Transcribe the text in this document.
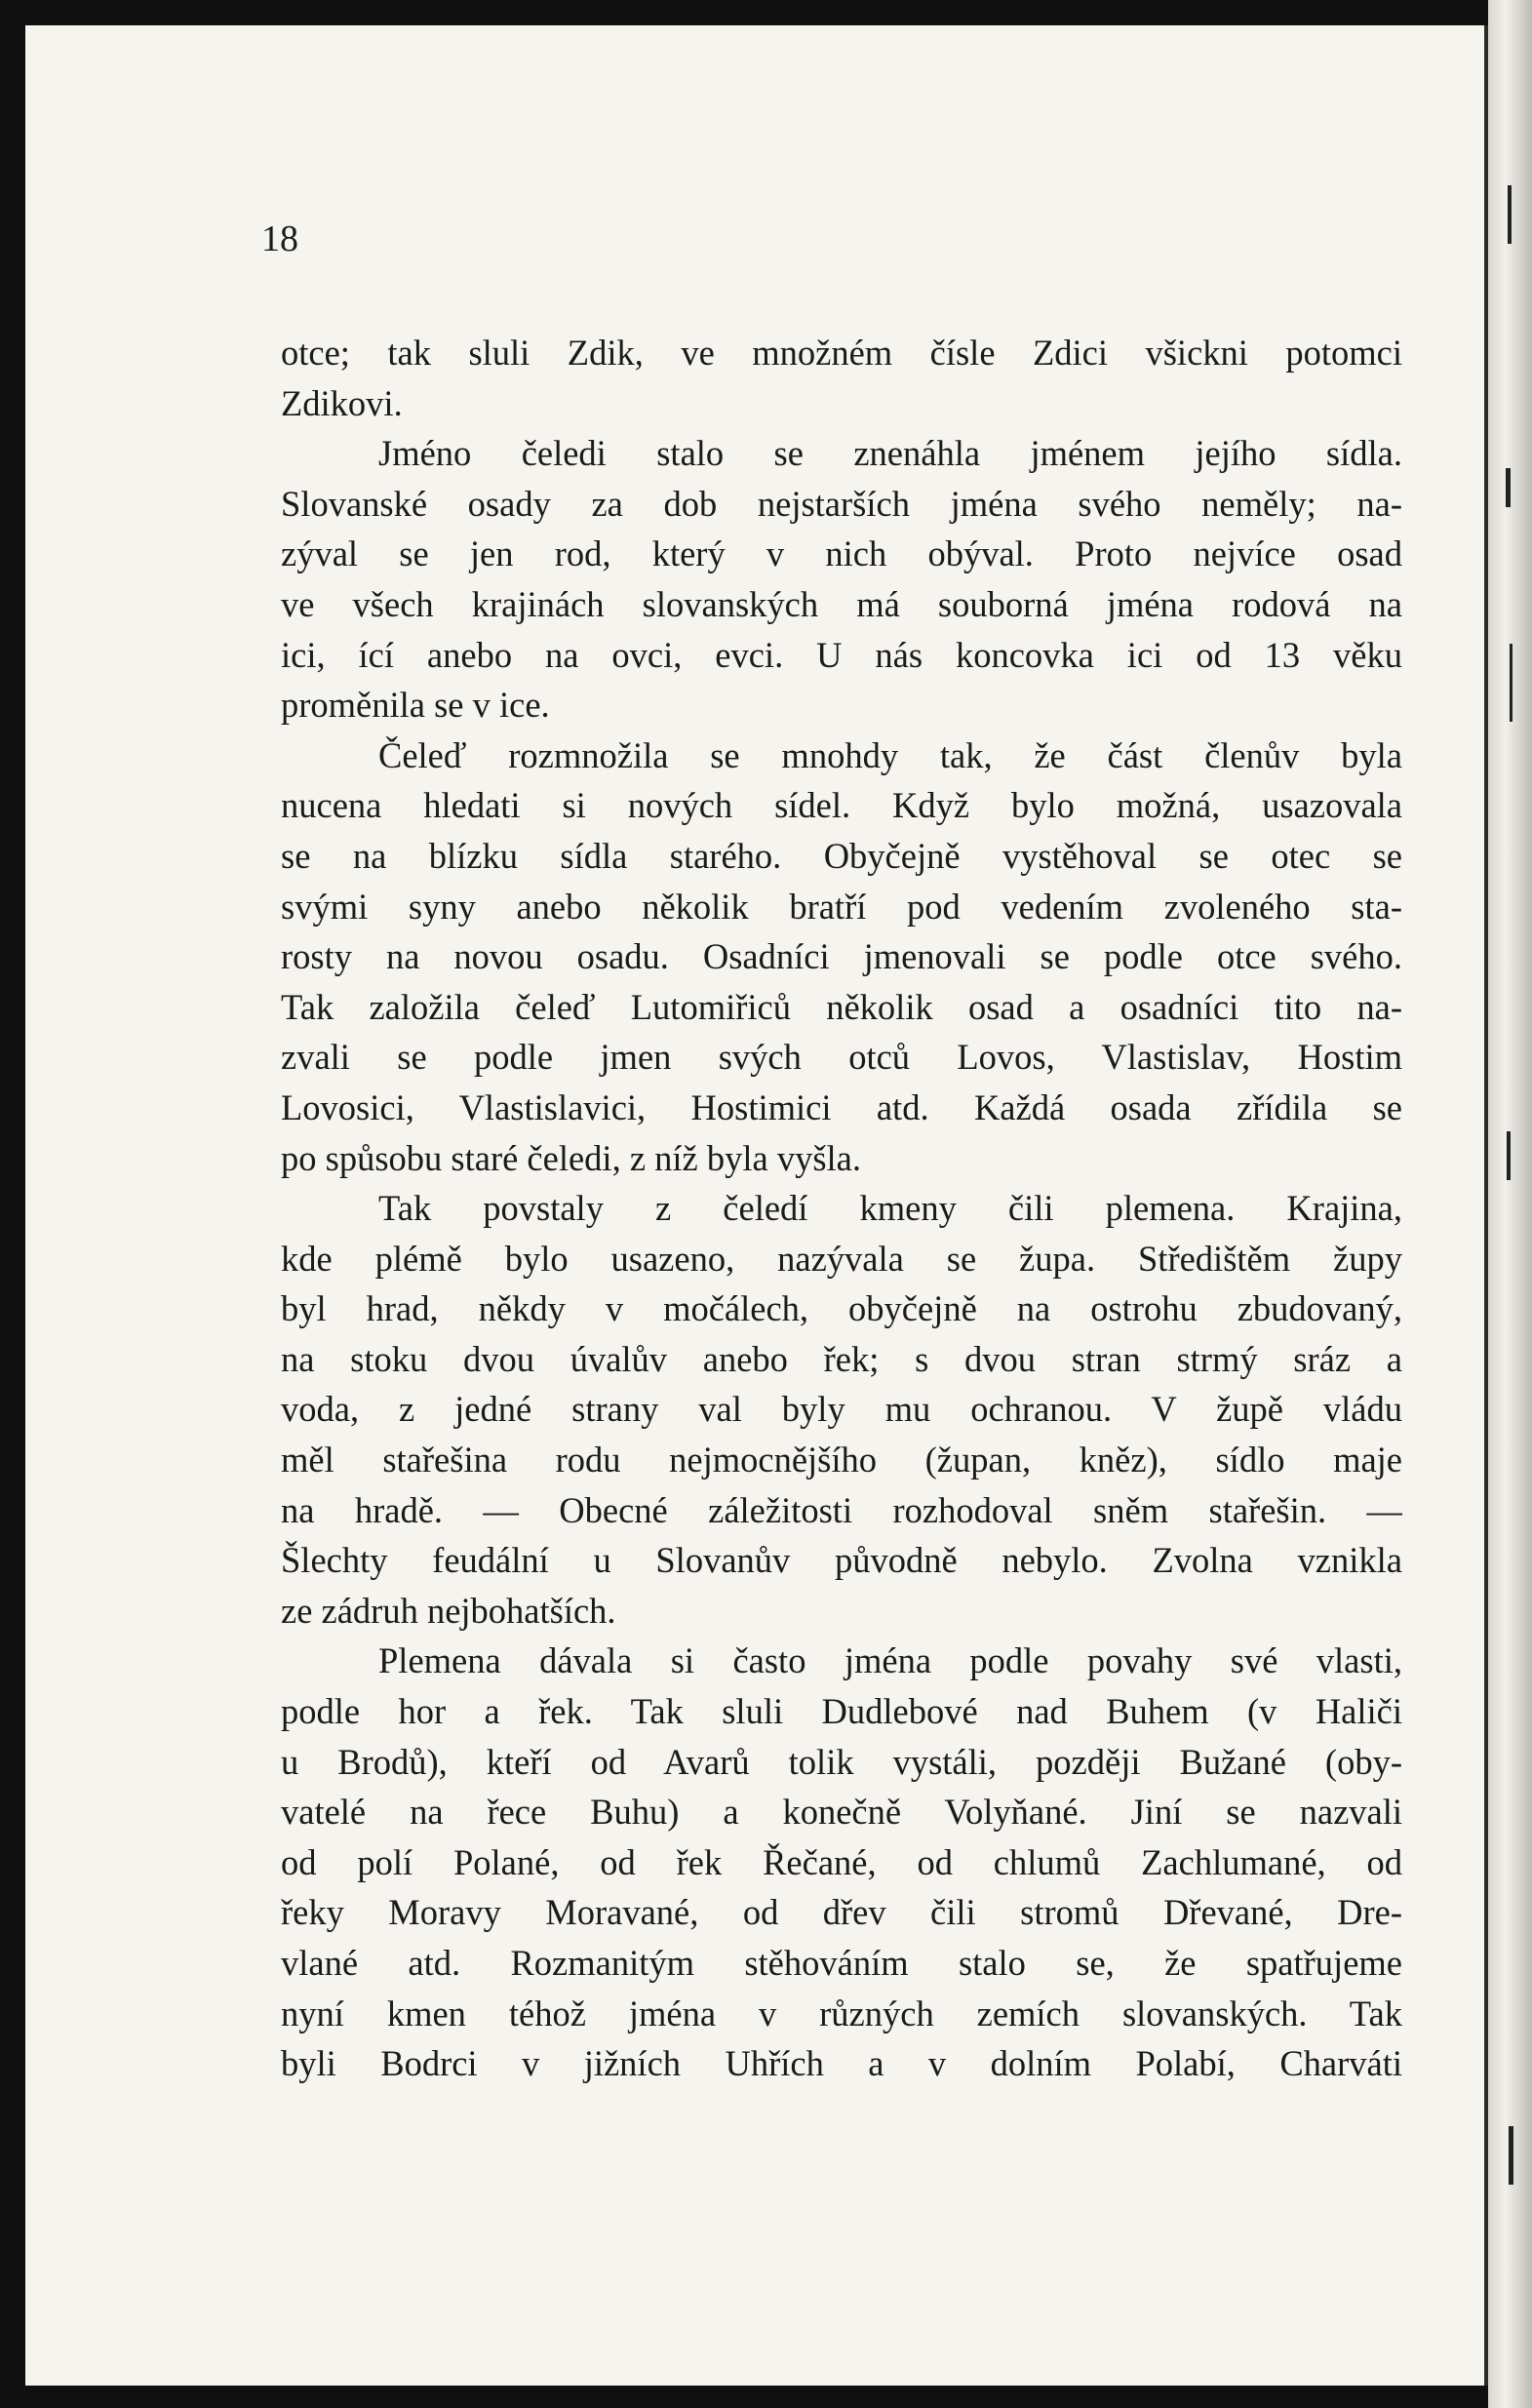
18
otce; tak sluli Zdik, ve množném čísle Zdici všickni potomci
Zdikovi.
Jméno čeledi stalo se znenáhla jménem jejího sídla.
Slovanské osady za dob nejstarších jména svého neměly; na-
zýval se jen rod, který v nich obýval. Proto nejvíce osad
ve všech krajinách slovanských má souborná jména rodová na
ici, ící anebo na ovci, evci. U nás koncovka ici od 13 věku
proměnila se v ice.
Čeleď rozmnožila se mnohdy tak, že část členův byla
nucena hledati si nových sídel. Když bylo možná, usazovala
se na blízku sídla starého. Obyčejně vystěhoval se otec se
svými syny anebo několik bratří pod vedením zvoleného sta-
rosty na novou osadu. Osadníci jmenovali se podle otce svého.
Tak založila čeleď Lutomiřiců několik osad a osadníci tito na-
zvali se podle jmen svých otců Lovos, Vlastislav, Hostim
Lovosici, Vlastislavici, Hostimici atd. Každá osada zřídila se
po spůsobu staré čeledi, z níž byla vyšla.
Tak povstaly z čeledí kmeny čili plemena. Krajina,
kde plémě bylo usazeno, nazývala se župa. Středištěm župy
byl hrad, někdy v močálech, obyčejně na ostrohu zbudovaný,
na stoku dvou úvalův anebo řek; s dvou stran strmý sráz a
voda, z jedné strany val byly mu ochranou. V župě vládu
měl stařešina rodu nejmocnějšího (župan, kněz), sídlo maje
na hradě. — Obecné záležitosti rozhodoval sněm stařešin. —
Šlechty feudální u Slovanův původně nebylo. Zvolna vznikla
ze zádruh nejbohatších.
Plemena dávala si často jména podle povahy své vlasti,
podle hor a řek. Tak sluli Dudlebové nad Buhem (v Haliči
u Brodů), kteří od Avarů tolik vystáli, později Bužané (oby-
vatelé na řece Buhu) a konečně Volyňané. Jiní se nazvali
od polí Polané, od řek Řečané, od chlumů Zachlumané, od
řeky Moravy Moravané, od dřev čili stromů Dřevané, Dre-
vlané atd. Rozmanitým stěhováním stalo se, že spatřujeme
nyní kmen téhož jména v různých zemích slovanských. Tak
byli Bodrci v jižních Uhřích a v dolním Polabí, Charváti
